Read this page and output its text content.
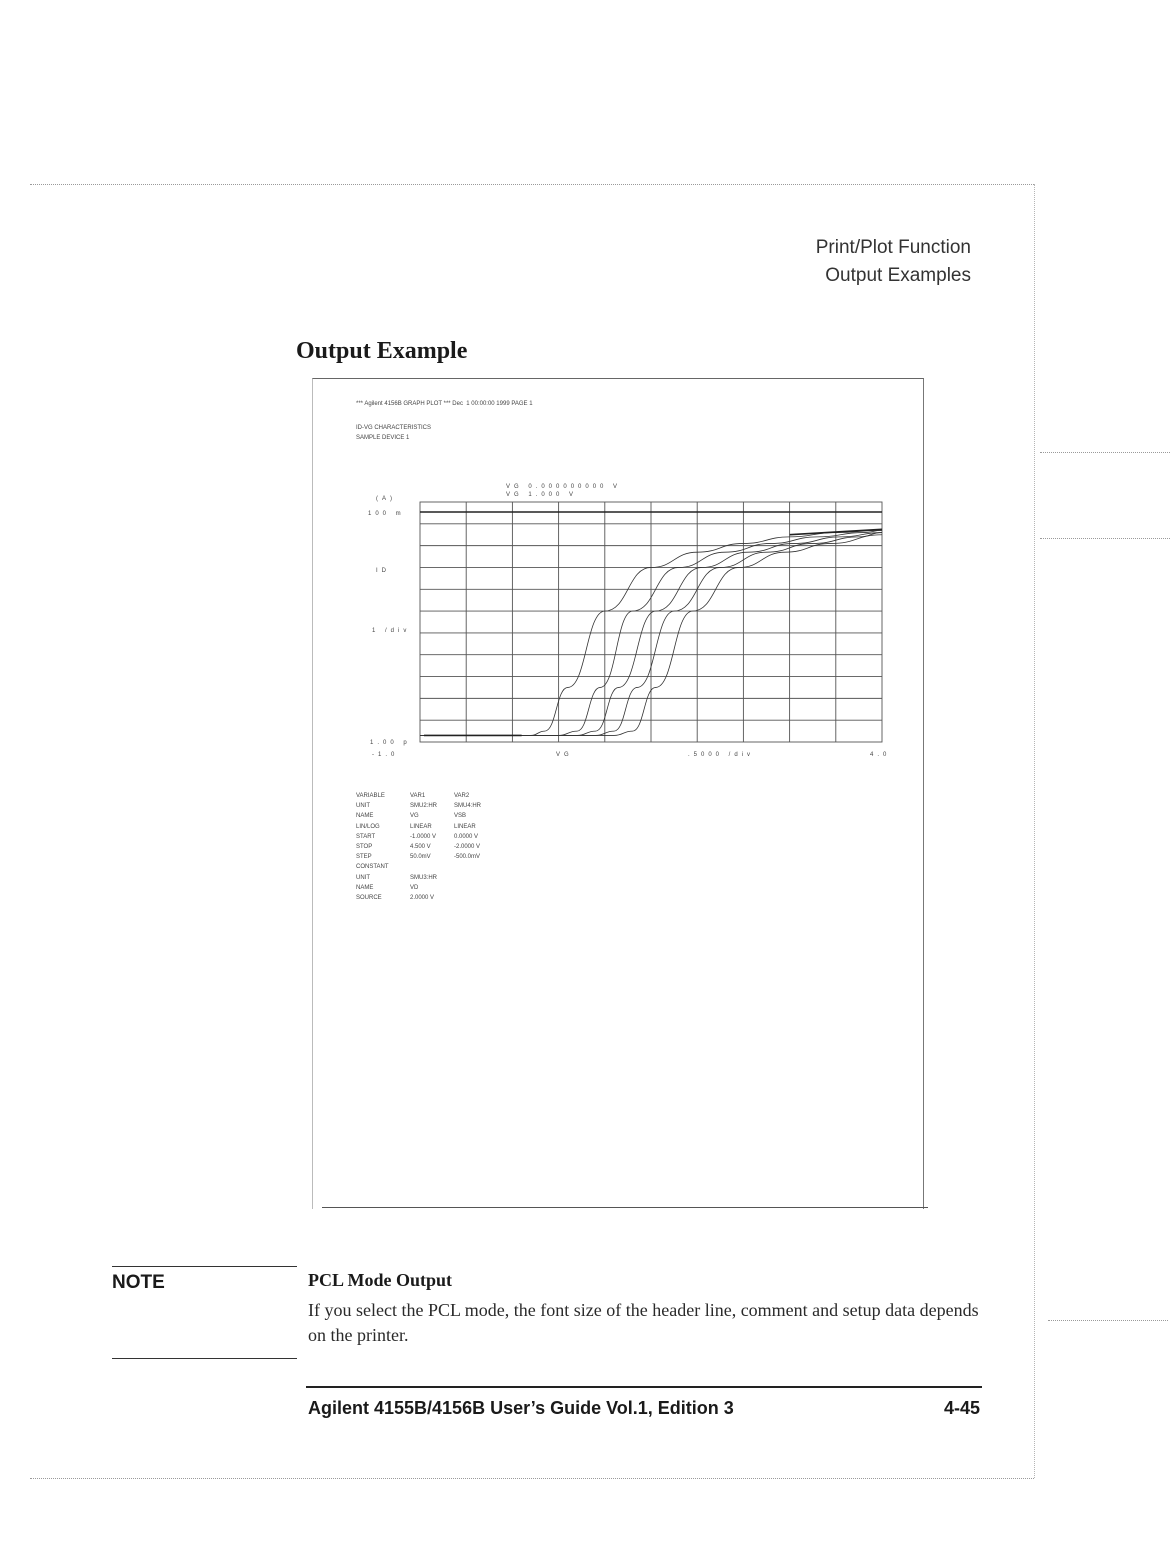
Print/Plot Function
Output Examples
Output Example
*** Agilent 4156B GRAPH PLOT *** Dec  1 00:00:00 1999 PAGE 1
ID-VG CHARACTERISTICS
SAMPLE DEVICE 1
VG 0.000000000 V
VG 1.000 V
(A)
100 m
ID
1 /div
1.00 p
-1.0	VG	.5000 /div	4.0
VARIABLE	VAR1	VAR2
UNIT	SMU2:HR	SMU4:HR
NAME	VG	VSB
LIN/LOG	LINEAR	LINEAR
START	-1.0000 V	0.0000 V
STOP	4.500 V	-2.0000 V
STEP	50.0mV	-500.0mV
CONSTANT
UNIT	SMU3:HR
NAME	VD
SOURCE	2.0000 V
NOTE	PCL Mode Output
If you select the PCL mode, the font size of the header line, comment and setup data depends on the printer.
Agilent 4155B/4156B User’s Guide Vol.1, Edition 3	4-45
